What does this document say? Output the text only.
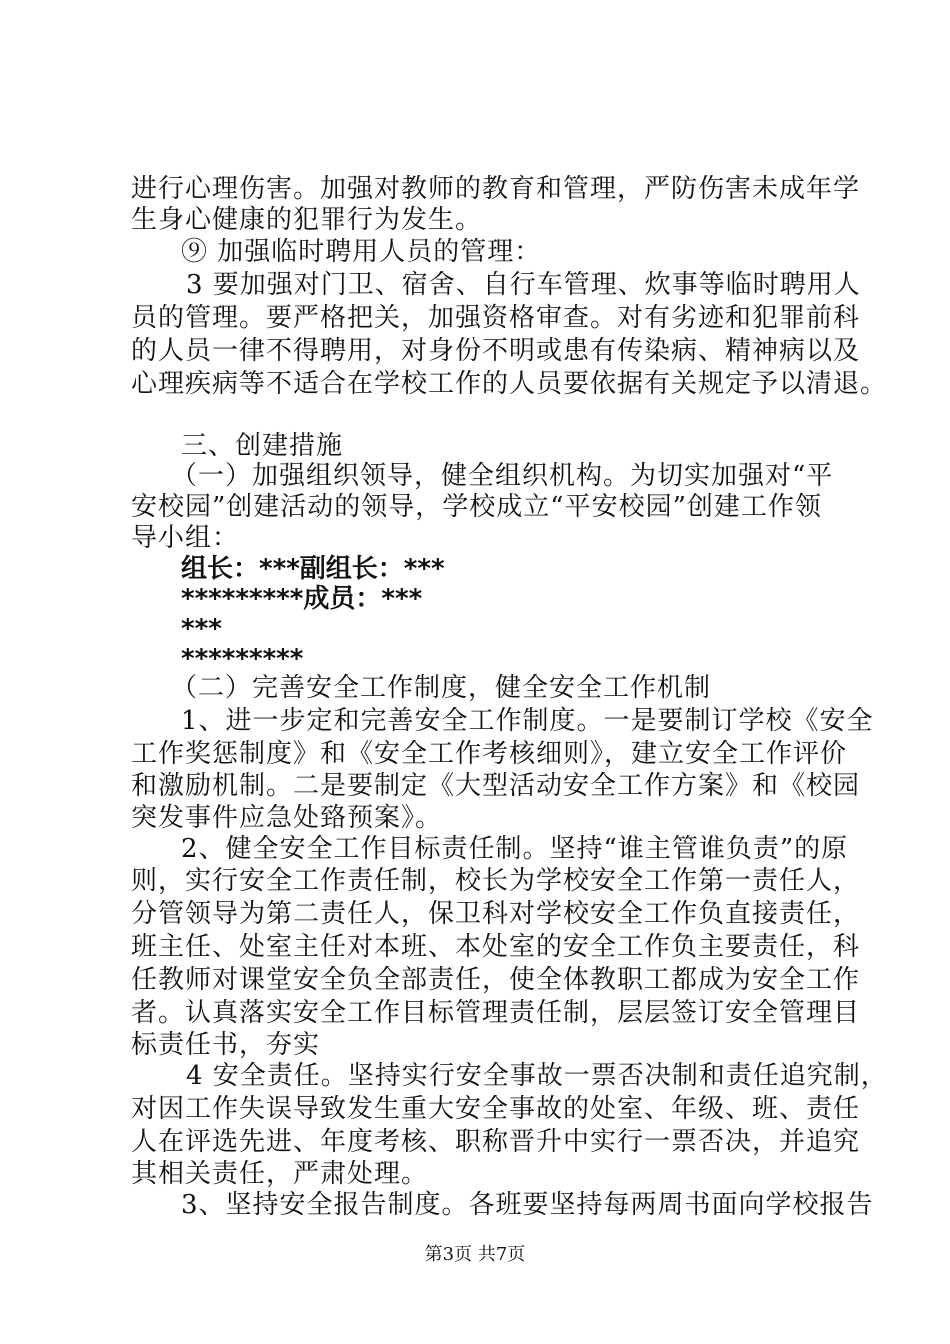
进行心理伤害。加强对教师的教育和管理，严防伤害未成年学
生身心健康的犯罪行为发生。
⑨ 加强临时聘用人员的管理：
3 要加强对门卫、宿舍、自行车管理、炊事等临时聘用人
员的管理。要严格把关，加强资格审查。对有劣迹和犯罪前科
的人员一律不得聘用，对身份不明或患有传染病、精神病以及
心理疾病等不适合在学校工作的人员要依据有关规定予以清退。
三、创建措施
（一）加强组织领导，健全组织机构。为切实加强对“平
安校园”创建活动的领导，学校成立“平安校园”创建工作领
导小组：
组长：***副组长：***
*********成员：***
***
*********
（二）完善安全工作制度，健全安全工作机制
1、进一步定和完善安全工作制度。一是要制订学校《安全
工作奖惩制度》和《安全工作考核细则》，建立安全工作评价
和激励机制。二是要制定《大型活动安全工作方案》和《校园
突发事件应急处臵预案》。
2、健全安全工作目标责任制。坚持“谁主管谁负责”的原
则，实行安全工作责任制，校长为学校安全工作第一责任人，
分管领导为第二责任人，保卫科对学校安全工作负直接责任，
班主任、处室主任对本班、本处室的安全工作负主要责任，科
任教师对课堂安全负全部责任，使全体教职工都成为安全工作
者。认真落实安全工作目标管理责任制，层层签订安全管理目
标责任书，夯实
4 安全责任。坚持实行安全事故一票否决制和责任追究制，
对因工作失误导致发生重大安全事故的处室、年级、班、责任
人在评选先进、年度考核、职称晋升中实行一票否决，并追究
其相关责任，严肃处理。
3、坚持安全报告制度。各班要坚持每两周书面向学校报告
第3页 共7页
